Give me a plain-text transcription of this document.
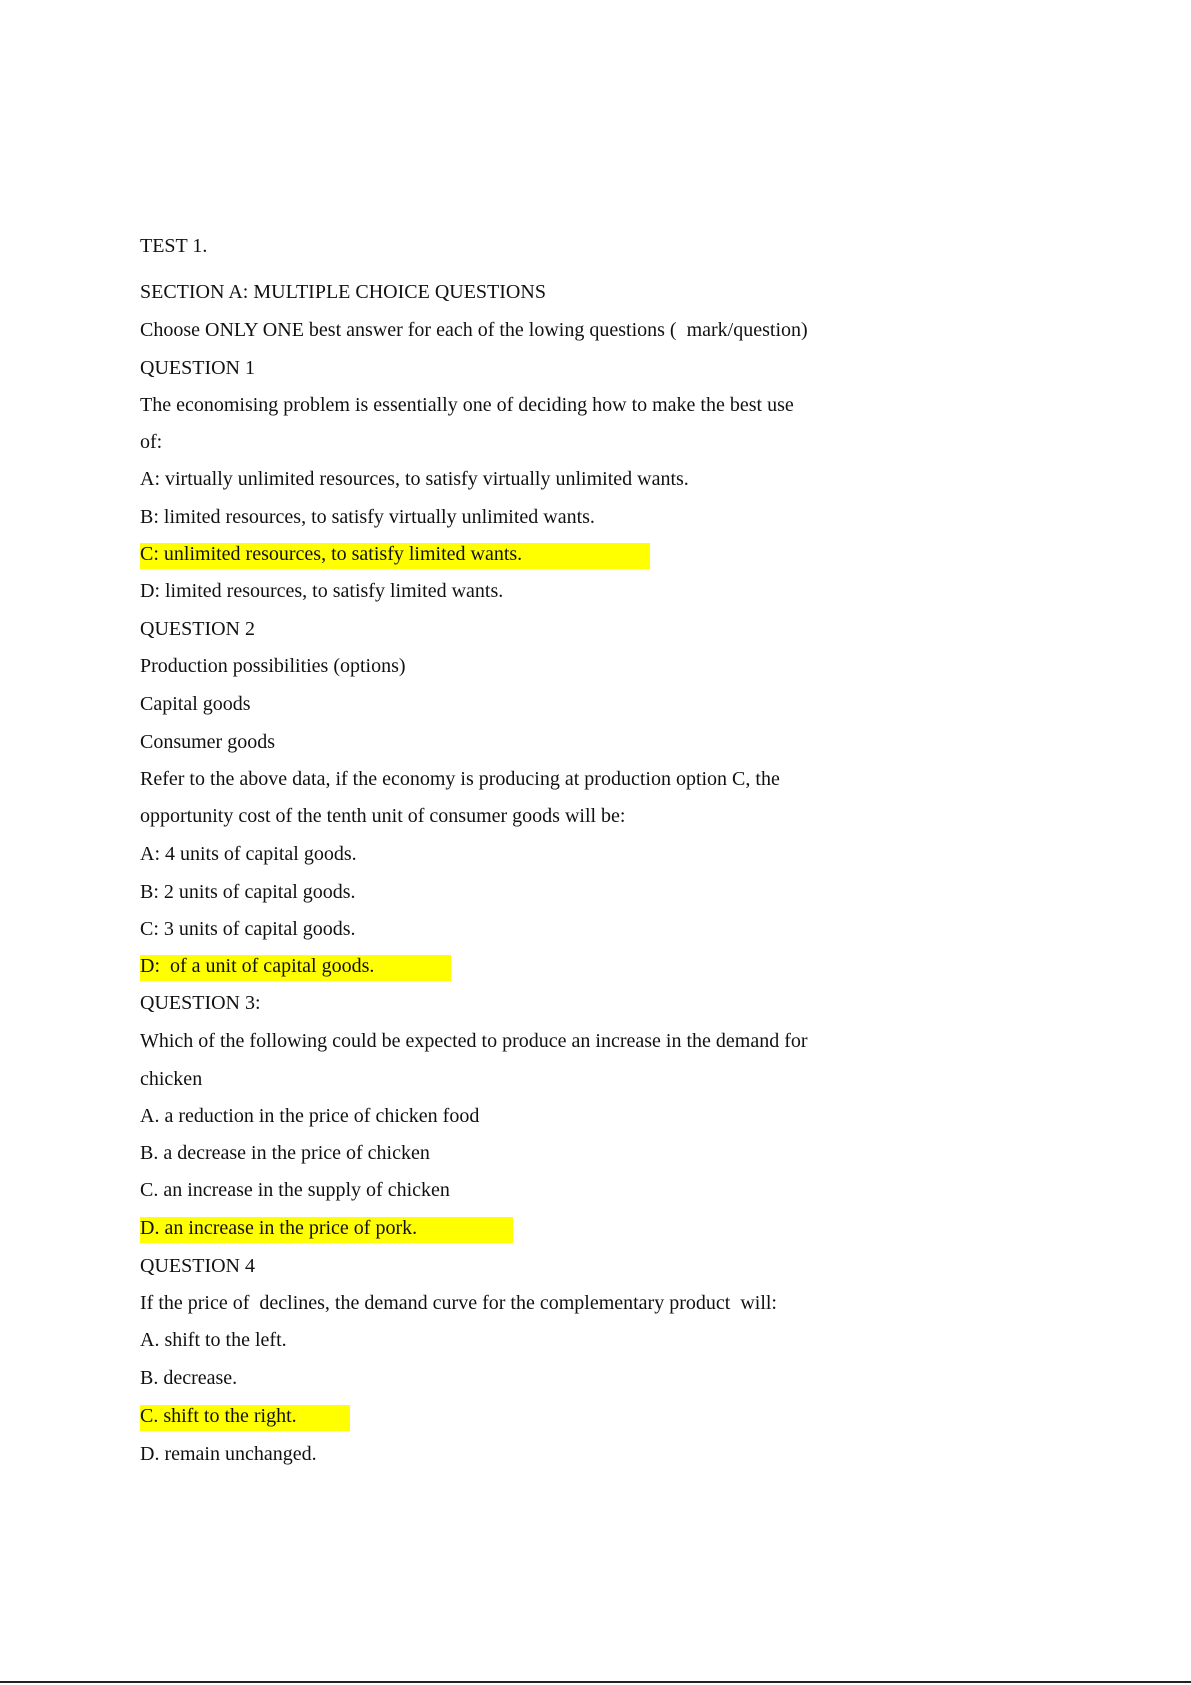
TEST 1.
SECTION A: MULTIPLE CHOICE QUESTIONS
Choose ONLY ONE best answer for each of the lowing questions (  mark/question)
QUESTION 1
The economising problem is essentially one of deciding how to make the best use
of:
A: virtually unlimited resources, to satisfy virtually unlimited wants.
B: limited resources, to satisfy virtually unlimited wants.
C: unlimited resources, to satisfy limited wants.
D: limited resources, to satisfy limited wants.
QUESTION 2
Production possibilities (options)
Capital goods
Consumer goods
Refer to the above data, if the economy is producing at production option C, the
opportunity cost of the tenth unit of consumer goods will be:
A: 4 units of capital goods.
B: 2 units of capital goods.
C: 3 units of capital goods.
D:  of a unit of capital goods.
QUESTION 3:
Which of the following could be expected to produce an increase in the demand for
chicken
A. a reduction in the price of chicken food
B. a decrease in the price of chicken
C. an increase in the supply of chicken
D. an increase in the price of pork.
QUESTION 4
If the price of  declines, the demand curve for the complementary product  will:
A. shift to the left.
B. decrease.
C. shift to the right.
D. remain unchanged.
